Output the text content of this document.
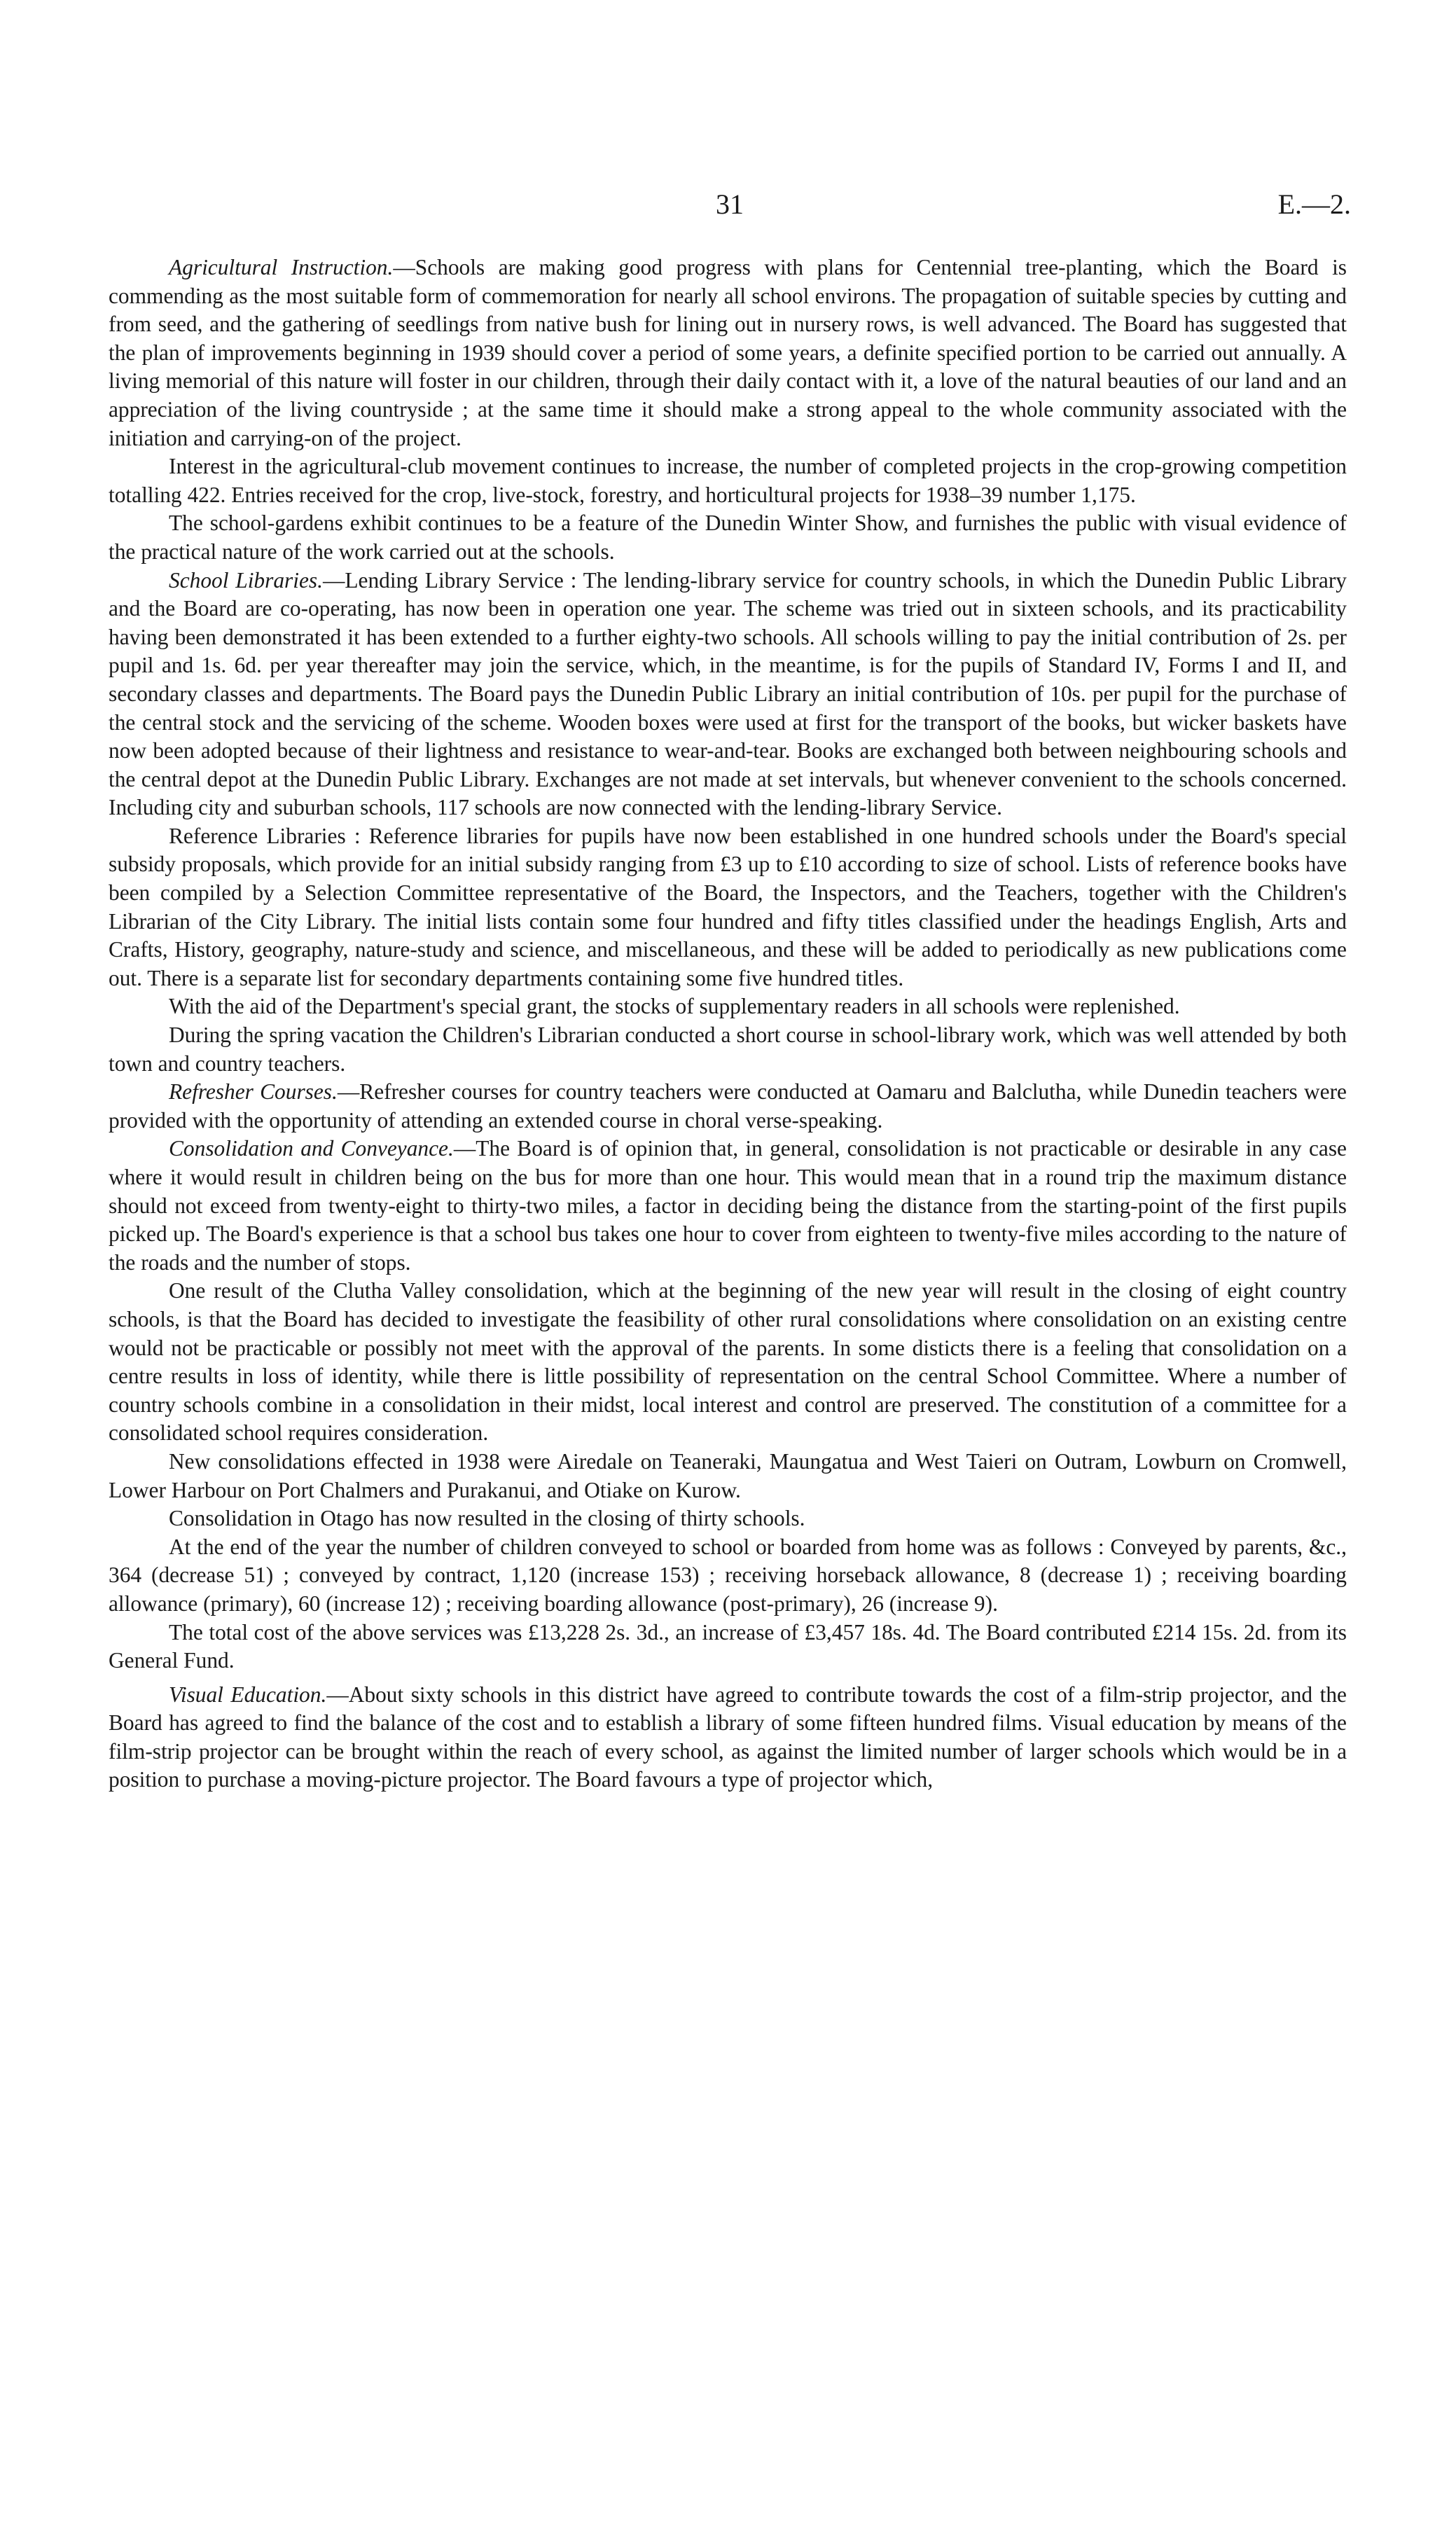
31	E.—2.

Agricultural Instruction.—Schools are making good progress with plans for Centennial tree-planting, which the Board is commending as the most suitable form of commemoration for nearly all school environs. The propagation of suitable species by cutting and from seed, and the gathering of seedlings from native bush for lining out in nursery rows, is well advanced. The Board has suggested that the plan of improvements beginning in 1939 should cover a period of some years, a definite specified portion to be carried out annually. A living memorial of this nature will foster in our children, through their daily contact with it, a love of the natural beauties of our land and an appreciation of the living countryside ; at the same time it should make a strong appeal to the whole community associated with the initiation and carrying-on of the project.

Interest in the agricultural-club movement continues to increase, the number of completed projects in the crop-growing competition totalling 422. Entries received for the crop, live-stock, forestry, and horticultural projects for 1938–39 number 1,175.

The school-gardens exhibit continues to be a feature of the Dunedin Winter Show, and furnishes the public with visual evidence of the practical nature of the work carried out at the schools.

School Libraries.—Lending Library Service : The lending-library service for country schools, in which the Dunedin Public Library and the Board are co-operating, has now been in operation one year. The scheme was tried out in sixteen schools, and its practicability having been demonstrated it has been extended to a further eighty-two schools. All schools willing to pay the initial contribution of 2s. per pupil and 1s. 6d. per year thereafter may join the service, which, in the meantime, is for the pupils of Standard IV, Forms I and II, and secondary classes and departments. The Board pays the Dunedin Public Library an initial contribution of 10s. per pupil for the purchase of the central stock and the servicing of the scheme. Wooden boxes were used at first for the transport of the books, but wicker baskets have now been adopted because of their lightness and resistance to wear-and-tear. Books are exchanged both between neighbouring schools and the central depot at the Dunedin Public Library. Exchanges are not made at set intervals, but whenever convenient to the schools concerned. Including city and suburban schools, 117 schools are now connected with the lending-library Service.

Reference Libraries : Reference libraries for pupils have now been established in one hundred schools under the Board's special subsidy proposals, which provide for an initial subsidy ranging from £3 up to £10 according to size of school. Lists of reference books have been compiled by a Selection Committee representative of the Board, the Inspectors, and the Teachers, together with the Children's Librarian of the City Library. The initial lists contain some four hundred and fifty titles classified under the headings English, Arts and Crafts, History, geography, nature-study and science, and miscellaneous, and these will be added to periodically as new publications come out. There is a separate list for secondary departments containing some five hundred titles.

With the aid of the Department's special grant, the stocks of supplementary readers in all schools were replenished.

During the spring vacation the Children's Librarian conducted a short course in school-library work, which was well attended by both town and country teachers.

Refresher Courses.—Refresher courses for country teachers were conducted at Oamaru and Balclutha, while Dunedin teachers were provided with the opportunity of attending an extended course in choral verse-speaking.

Consolidation and Conveyance.—The Board is of opinion that, in general, consolidation is not practicable or desirable in any case where it would result in children being on the bus for more than one hour. This would mean that in a round trip the maximum distance should not exceed from twenty-eight to thirty-two miles, a factor in deciding being the distance from the starting-point of the first pupils picked up. The Board's experience is that a school bus takes one hour to cover from eighteen to twenty-five miles according to the nature of the roads and the number of stops.

One result of the Clutha Valley consolidation, which at the beginning of the new year will result in the closing of eight country schools, is that the Board has decided to investigate the feasibility of other rural consolidations where consolidation on an existing centre would not be practicable or possibly not meet with the approval of the parents. In some disticts there is a feeling that consolidation on a centre results in loss of identity, while there is little possibility of representation on the central School Committee. Where a number of country schools combine in a consolidation in their midst, local interest and control are preserved. The constitution of a committee for a consolidated school requires consideration.

New consolidations effected in 1938 were Airedale on Teaneraki, Maungatua and West Taieri on Outram, Lowburn on Cromwell, Lower Harbour on Port Chalmers and Purakanui, and Otiake on Kurow.

Consolidation in Otago has now resulted in the closing of thirty schools.

At the end of the year the number of children conveyed to school or boarded from home was as follows : Conveyed by parents, &c., 364 (decrease 51) ; conveyed by contract, 1,120 (increase 153) ; receiving horseback allowance, 8 (decrease 1) ; receiving boarding allowance (primary), 60 (increase 12) ; receiving boarding allowance (post-primary), 26 (increase 9).

The total cost of the above services was £13,228 2s. 3d., an increase of £3,457 18s. 4d. The Board contributed £214 15s. 2d. from its General Fund.

Visual Education.—About sixty schools in this district have agreed to contribute towards the cost of a film-strip projector, and the Board has agreed to find the balance of the cost and to establish a library of some fifteen hundred films. Visual education by means of the film-strip projector can be brought within the reach of every school, as against the limited number of larger schools which would be in a position to purchase a moving-picture projector. The Board favours a type of projector which,
